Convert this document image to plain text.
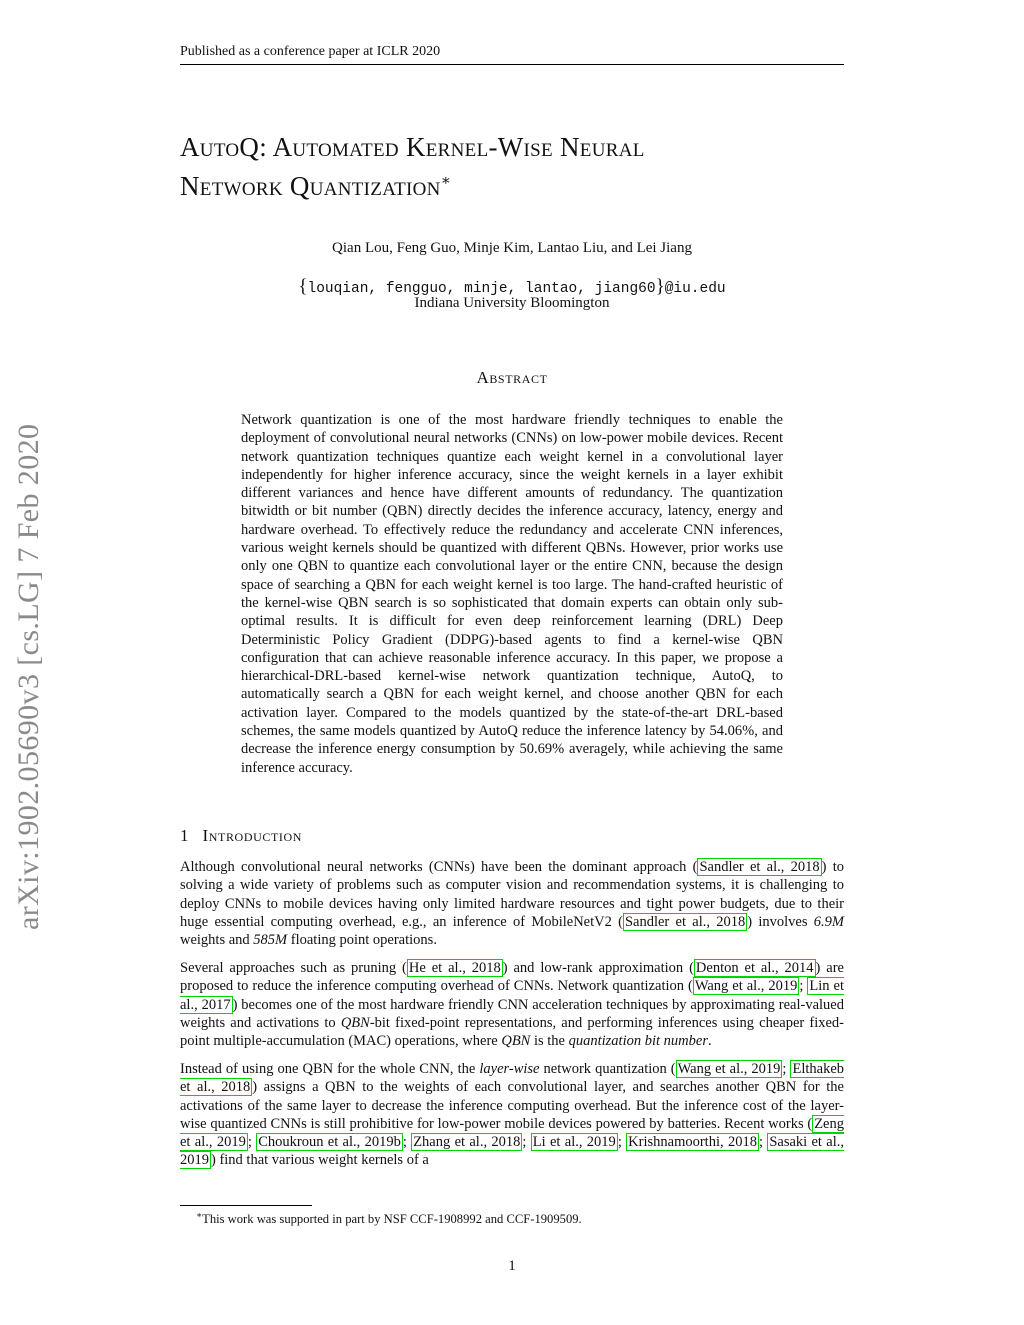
Published as a conference paper at ICLR 2020
AutoQ: Automated Kernel-Wise Neural
Network Quantization∗
Qian Lou, Feng Guo, Minje Kim, Lantao Liu, and Lei Jiang
{louqian, fengguo, minje, lantao, jiang60}@iu.edu
Indiana University Bloomington
Abstract

Network quantization is one of the most hardware friendly techniques to enable the deployment of convolutional neural networks (CNNs) on low-power mobile devices. Recent network quantization techniques quantize each weight kernel in a convolutional layer independently for higher inference accuracy, since the weight kernels in a layer exhibit different variances and hence have different amounts of redundancy. The quantization bitwidth or bit number (QBN) directly decides the inference accuracy, latency, energy and hardware overhead. To effectively reduce the redundancy and accelerate CNN inferences, various weight kernels should be quantized with different QBNs. However, prior works use only one QBN to quantize each convolutional layer or the entire CNN, because the design space of searching a QBN for each weight kernel is too large. The hand-crafted heuristic of the kernel-wise QBN search is so sophisticated that domain experts can obtain only sub-optimal results. It is difficult for even deep reinforcement learning (DRL) Deep Deterministic Policy Gradient (DDPG)-based agents to find a kernel-wise QBN configuration that can achieve reasonable inference accuracy. In this paper, we propose a hierarchical-DRL-based kernel-wise network quantization technique, AutoQ, to automatically search a QBN for each weight kernel, and choose another QBN for each activation layer. Compared to the models quantized by the state-of-the-art DRL-based schemes, the same models quantized by AutoQ reduce the inference latency by 54.06%, and decrease the inference energy consumption by 50.69% averagely, while achieving the same inference accuracy.

arXiv:1902.05690v3 [cs.LG] 7 Feb 2020	1 Introduction

Although convolutional neural networks (CNNs) have been the dominant approach ( Sandler et al., 2018 ) to solving a wide variety of problems such as computer vision and recommendation systems, it is challenging to deploy CNNs to mobile devices having only limited hardware resources and tight power budgets, due to their huge essential computing overhead, e.g., an inference of MobileNetV2 ( Sandler et al., 2018 ) involves 6.9M weights and 585M floating point operations.

Several approaches such as pruning ( He et al., 2018 ) and low-rank approximation ( Denton et al., 2014 ) are proposed to reduce the inference computing overhead of CNNs. Network quantization ( Wang et al., 2019 ; Lin et al., 2017 ) becomes one of the most hardware friendly CNN acceleration techniques by approximating real-valued weights and activations to QBN-bit fixed-point representations, and performing inferences using cheaper fixed-point multiple-accumulation (MAC) operations, where QBN is the quantization bit number.

Instead of using one QBN for the whole CNN, the layer-wise network quantization ( Wang et al., 2019 ; Elthakeb et al., 2018 ) assigns a QBN to the weights of each convolutional layer, and searches another QBN for the activations of the same layer to decrease the inference computing overhead. But the inference cost of the layer-wise quantized CNNs is still prohibitive for low-power mobile devices powered by batteries. Recent works ( Zeng et al., 2019 ; Choukroun et al., 2019b ; Zhang et al., 2018 ; Li et al., 2019 ; Krishnamoorthi, 2018 ; Sasaki et al., 2019 ) find that various weight kernels of a

∗This work was supported in part by NSF CCF-1908992 and CCF-1909509.
1
